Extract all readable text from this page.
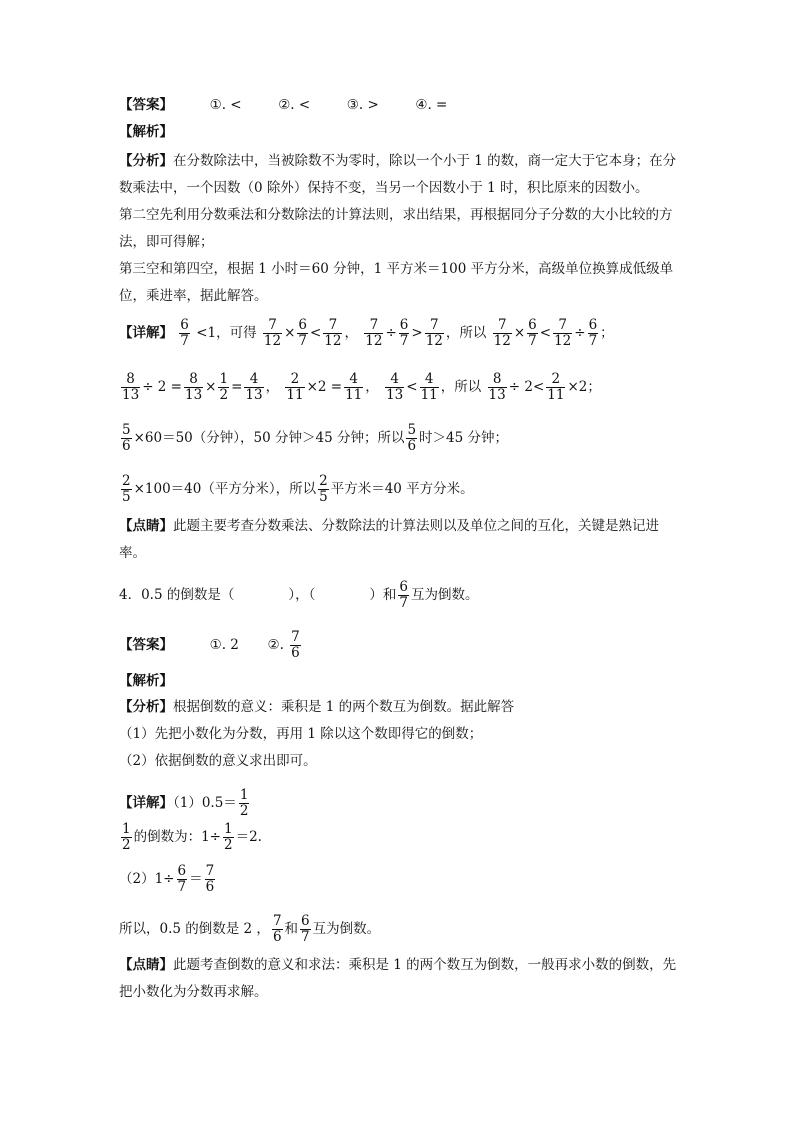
【答案】	①. <	②. <	③. >	④. =
【解析】
【分析】在分数除法中，当被除数不为零时，除以一个小于 1 的数，商一定大于它本身；在分数乘法中，一个因数（0 除外）保持不变，当另一个因数小于 1 时，积比原来的因数小。
第二空先利用分数乘法和分数除法的计算法则，求出结果，再根据同分子分数的大小比较的方法，即可得解；
第三空和第四空，根据 1 小时＝60 分钟，1 平方米＝100 平方分米，高级单位换算成低级单位，乘进率，据此解答。
【详解】 $\frac{6}{7} <1$，可得 $\frac{7}{12} \times \frac{6}{7} < \frac{7}{12}$ ， $\frac{7}{12} \div \frac{6}{7} > \frac{7}{12}$ ，所以 $\frac{7}{12} \times \frac{6}{7} < \frac{7}{12} \div \frac{6}{7}$ ；
$\frac{8}{13} \div 2 = \frac{8}{13} \times \frac{1}{2} = \frac{4}{13}$ ， $\frac{2}{11} \times 2 = \frac{4}{11}$ ， $\frac{4}{13} < \frac{4}{11}$ ，所以 $\frac{8}{13} \div 2< \frac{2}{11} \times 2$；
$\frac{5}{6} \times 60=50$（分钟），50 分钟＞45 分钟；所以 $\frac{5}{6}$ 时＞45 分钟；
$\frac{2}{5} \times 100=40$（平方分米），所以 $\frac{2}{5}$ 平方米＝40 平方分米。
【点睛】此题主要考查分数乘法、分数除法的计算法则以及单位之间的互化，关键是熟记进率。
4．0.5 的倒数是（　　　　），（　　　　）和 $\frac{6}{7}$ 互为倒数。
【答案】	①. 2 ②. $\frac{7}{6}$
【解析】
【分析】根据倒数的意义：乘积是 1 的两个数互为倒数。据此解答
（1）先把小数化为分数，再用 1 除以这个数即得它的倒数；
（2）依据倒数的意义求出即可。
【详解】$(1)0.5= \frac{1}{2}$
$\frac{1}{2}$ 的倒数为：$1\div \frac{1}{2} =2$.
$(2)1\div \frac{6}{7} = \frac{7}{6}$
所以，0.5 的倒数是 2 ， $\frac{7}{6}$ 和 $\frac{6}{7}$ 互为倒数。
【点睛】此题考查倒数的意义和求法：乘积是 1 的两个数互为倒数，一般再求小数的倒数，先把小数化为分数再求解。
